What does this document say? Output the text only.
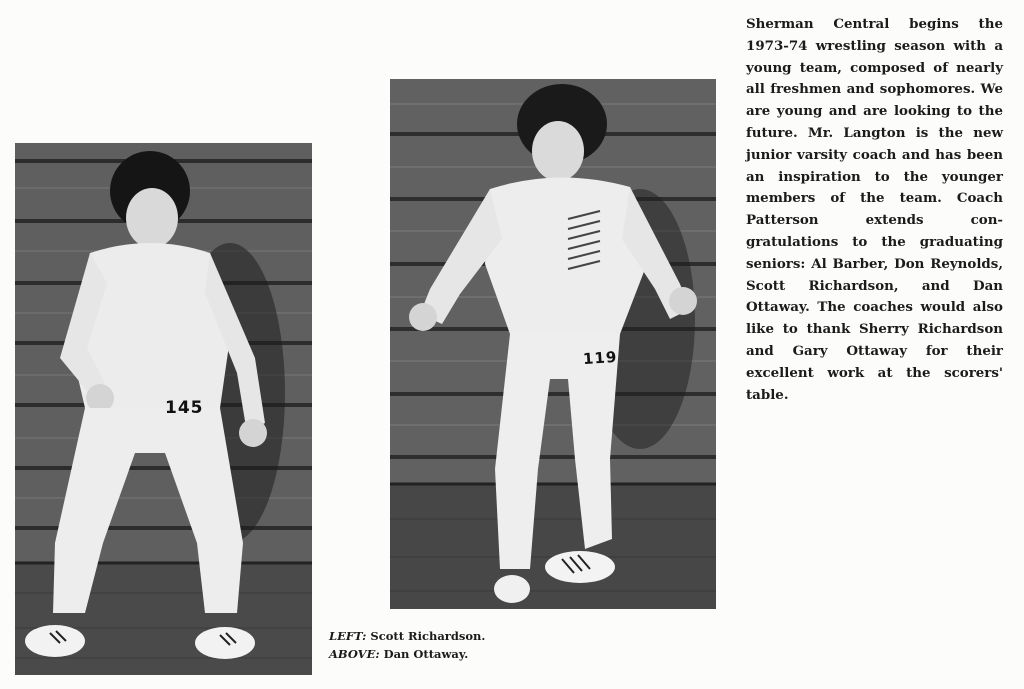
145
119

Sherman Central begins the 1973-74 wrestling season with a young team, composed of nearly all freshmen and sophomores. We are young and are looking to the future. Mr. Langton is the new junior varsity coach and has been an inspiration to the younger members of the team. Coach Patterson extends con-gratulations to the graduating seniors: Al Barber, Don Reynolds, Scott Richardson, and Dan Ottaway. The coaches would also like to thank Sherry Richardson and Gary Ottaway for their excellent work at the scorers' table.

LEFT: Scott Richardson.
ABOVE: Dan Ottaway.
